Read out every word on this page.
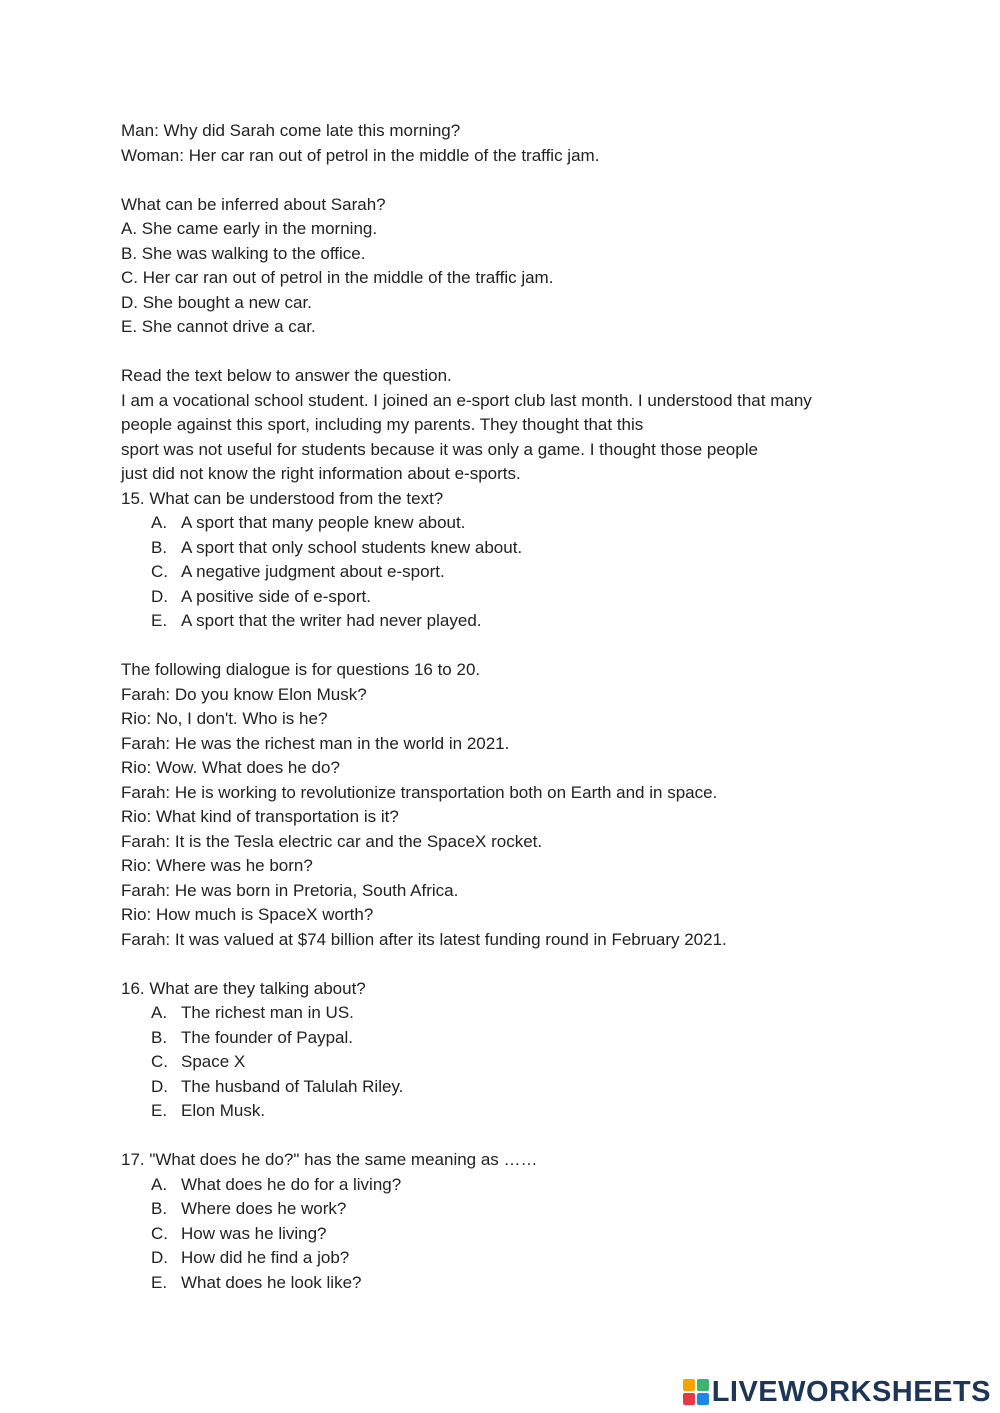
Man: Why did Sarah come late this morning?
Woman: Her car ran out of petrol in the middle of the traffic jam.
What can be inferred about Sarah?
A. She came early in the morning.
B. She was walking to the office.
C. Her car ran out of petrol in the middle of the traffic jam.
D. She bought a new car.
E. She cannot drive a car.
Read the text below to answer the question.
I am a vocational school student. I joined an e-sport club last month. I understood that many
people against this sport, including my parents. They thought that this
sport was not useful for students because it was only a game. I thought those people
just did not know the right information about e-sports.
15. What can be understood from the text?
A. A sport that many people knew about.
B. A sport that only school students knew about.
C. A negative judgment about e-sport.
D. A positive side of e-sport.
E. A sport that the writer had never played.
The following dialogue is for questions 16 to 20.
Farah: Do you know Elon Musk?
Rio: No, I don't. Who is he?
Farah: He was the richest man in the world in 2021.
Rio: Wow. What does he do?
Farah: He is working to revolutionize transportation both on Earth and in space.
Rio: What kind of transportation is it?
Farah: It is the Tesla electric car and the SpaceX rocket.
Rio: Where was he born?
Farah: He was born in Pretoria, South Africa.
Rio: How much is SpaceX worth?
Farah: It was valued at $74 billion after its latest funding round in February 2021.
16. What are they talking about?
A. The richest man in US.
B. The founder of Paypal.
C. Space X
D. The husband of Talulah Riley.
E. Elon Musk.
17. "What does he do?" has the same meaning as ……
A. What does he do for a living?
B. Where does he work?
C. How was he living?
D. How did he find a job?
E. What does he look like?
LIVEWORKSHEETS
